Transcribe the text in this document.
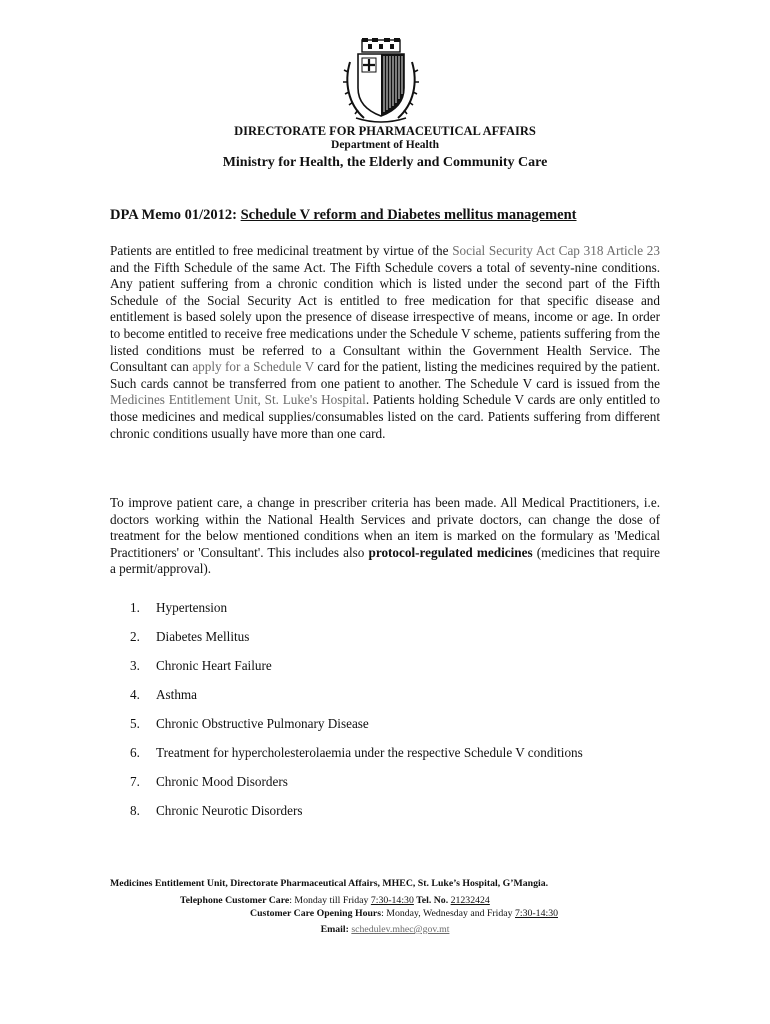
DIRECTORATE FOR PHARMACEUTICAL AFFAIRS
Department of Health
Ministry for Health, the Elderly and Community Care
DPA Memo 01/2012: Schedule V reform and Diabetes mellitus management

Patients are entitled to free medicinal treatment by virtue of the Social Security Act Cap 318 Article 23 and the Fifth Schedule of the same Act. The Fifth Schedule covers a total of seventy-nine conditions. Any patient suffering from a chronic condition which is listed under the second part of the Fifth Schedule of the Social Security Act is entitled to free medication for that specific disease and entitlement is based solely upon the presence of disease irrespective of means, income or age. In order to become entitled to receive free medications under the Schedule V scheme, patients suffering from the listed conditions must be referred to a Consultant within the Government Health Service. The Consultant can apply for a Schedule V card for the patient, listing the medicines required by the patient. Such cards cannot be transferred from one patient to another. The Schedule V card is issued from the Medicines Entitlement Unit, St. Luke's Hospital. Patients holding Schedule V cards are only entitled to those medicines and medical supplies/consumables listed on the card. Patients suffering from different chronic conditions usually have more than one card.

To improve patient care, a change in prescriber criteria has been made. All Medical Practitioners, i.e. doctors working within the National Health Services and private doctors, can change the dose of treatment for the below mentioned conditions when an item is marked on the formulary as 'Medical Practitioners' or 'Consultant'. This includes also protocol-regulated medicines (medicines that require a permit/approval).

1.	Hypertension
2.	Diabetes Mellitus
3.	Chronic Heart Failure
4.	Asthma
5.	Chronic Obstructive Pulmonary Disease
6.	Treatment for hypercholesterolaemia under the respective Schedule V conditions
7.	Chronic Mood Disorders
8.	Chronic Neurotic Disorders
Medicines Entitlement Unit, Directorate Pharmaceutical Affairs, MHEC, St. Luke’s Hospital, G’Mangia.
Telephone Customer Care: Monday till Friday 7:30-14:30 Tel. No. 21232424
Customer Care Opening Hours: Monday, Wednesday and Friday 7:30-14:30
Email: schedulev.mhec@gov.mt
